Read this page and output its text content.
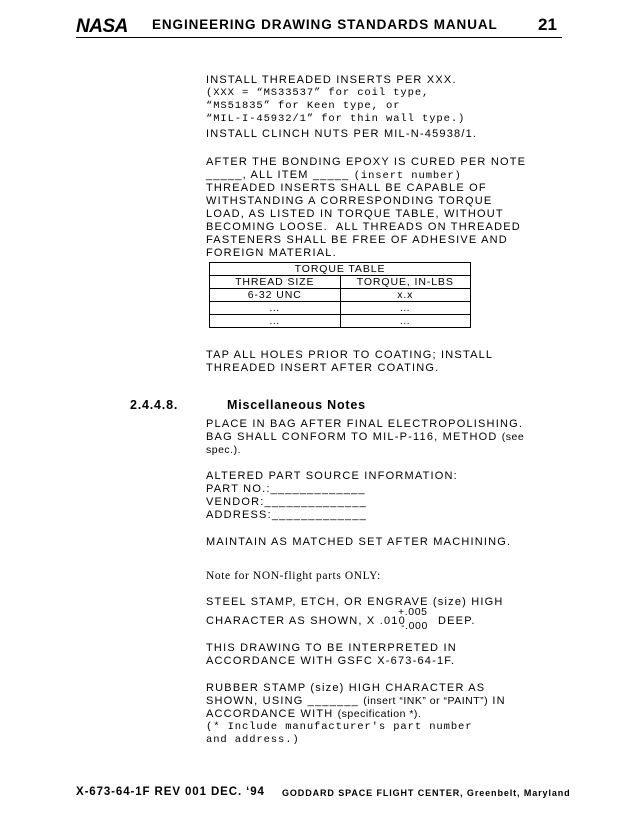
NASA ENGINEERING DRAWING STANDARDS MANUAL 21
INSTALL THREADED INSERTS PER XXX.
(XXX = “MS33537” for coil type,
“MS51835” for Keen type, or
“MIL-I-45932/1” for thin wall type.)
INSTALL CLINCH NUTS PER MIL-N-45938/1.
AFTER THE BONDING EPOXY IS CURED PER NOTE
_____, ALL ITEM _____ (insert number)
THREADED INSERTS SHALL BE CAPABLE OF
WITHSTANDING A CORRESPONDING TORQUE
LOAD, AS LISTED IN TORQUE TABLE, WITHOUT
BECOMING LOOSE.  ALL THREADS ON THREADED
FASTENERS SHALL BE FREE OF ADHESIVE AND
FOREIGN MATERIAL.
TORQUE TABLE	
THREAD SIZE	TORQUE, IN-LBS
6-32 UNC	x.x
…	…
…	…
TAP ALL HOLES PRIOR TO COATING; INSTALL
THREADED INSERT AFTER COATING.
2.4.4.8.	Miscellaneous Notes
PLACE IN BAG AFTER FINAL ELECTROPOLISHING.
BAG SHALL CONFORM TO MIL-P-116, METHOD (see
spec.).
ALTERED PART SOURCE INFORMATION:
PART NO.:_____________
VENDOR:______________
ADDRESS:_____________
MAINTAIN AS MATCHED SET AFTER MACHINING.
Note for NON-flight parts ONLY:
STEEL STAMP, ETCH, OR ENGRAVE (size) HIGH
CHARACTER AS SHOWN, X .010
+.005
-.000 DEEP.
THIS DRAWING TO BE INTERPRETED IN
ACCORDANCE WITH GSFC X-673-64-1F.
RUBBER STAMP (size) HIGH CHARACTER AS
SHOWN, USING _______ (insert “INK” or “PAINT”) IN
ACCORDANCE WITH (specification *).
(* Include manufacturer's part number
and address.)
X-673-64-1F REV 001 DEC. ‘94 GODDARD SPACE FLIGHT CENTER, Greenbelt, Maryland
